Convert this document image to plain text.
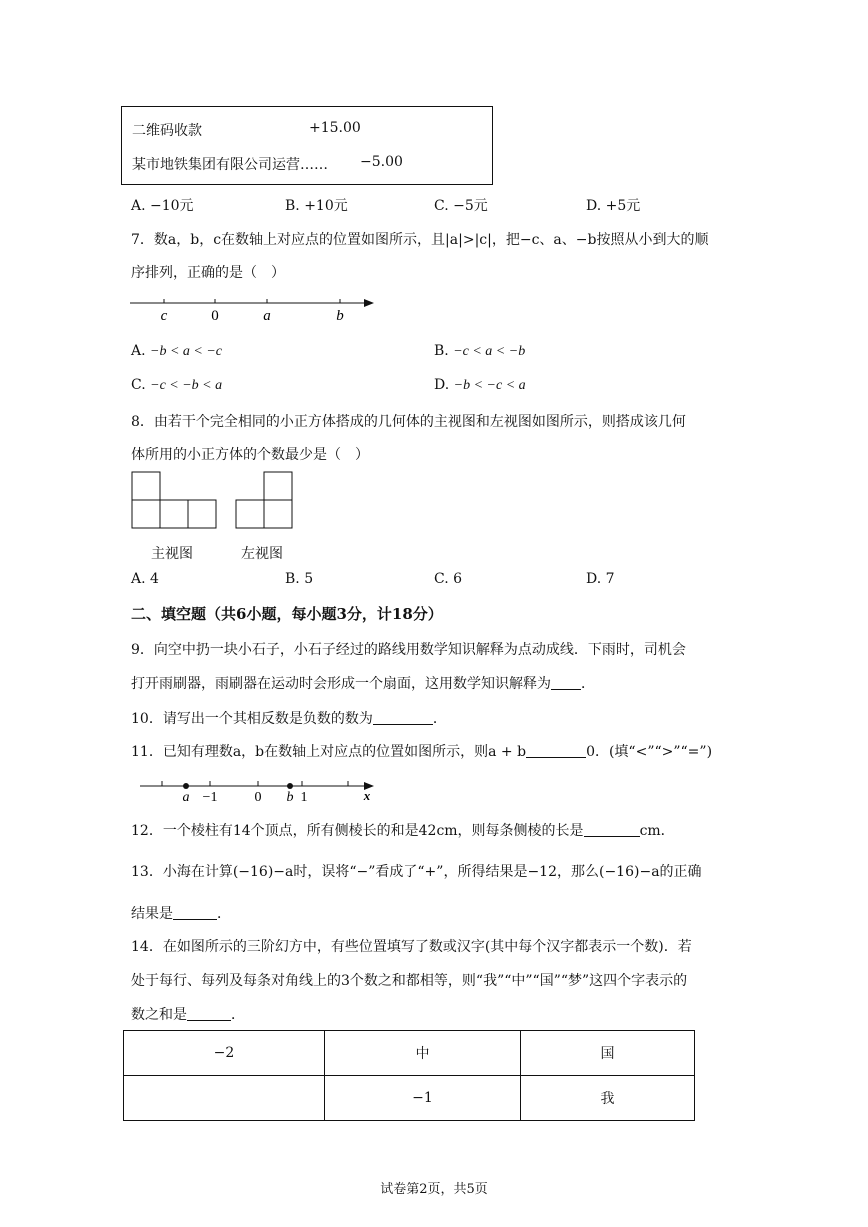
二维码收款	+15.00
某市地铁集团有限公司运营…… −5.00
A. −10元	B. +10元	C. −5元	D. +5元
7．数a，b，c在数轴上对应点的位置如图所示，且|a|>|c|，把−c、a、−b按照从小到大的顺
序排列，正确的是（　）
c	0	a	b
A. −b < a < −c	B. −c < a < −b
C. −c < −b < a	D. −b < −c < a
8．由若干个完全相同的小正方体搭成的几何体的主视图和左视图如图所示，则搭成该几何
体所用的小正方体的个数最少是（　）
主视图	左视图
A. 4	B. 5	C. 6	D. 7
二、填空题（共6小题，每小题3分，计18分）
9．向空中扔一块小石子，小石子经过的路线用数学知识解释为点动成线．下雨时，司机会
打开雨刷器，雨刷器在运动时会形成一个扇面，这用数学知识解释为 ．
10．请写出一个其相反数是负数的数为	．
11．已知有理数a，b在数轴上对应点的位置如图所示，则a + b	0．(填“<”“>”“=”)
a −1	0 b 1	x
12．一个棱柱有14个顶点，所有侧棱长的和是42cm，则每条侧棱的长是	cm．
13．小海在计算(−16)−a时，误将“−”看成了“+”，所得结果是−12，那么(−16)−a的正确
结果是	．
14．在如图所示的三阶幻方中，有些位置填写了数或汉字(其中每个汉字都表示一个数)．若
处于每行、每列及每条对角线上的3个数之和都相等，则“我”“中”“国”“梦”这四个字表示的
数之和是	．
−2	中	国
	−1	我
试卷第2页，共5页
